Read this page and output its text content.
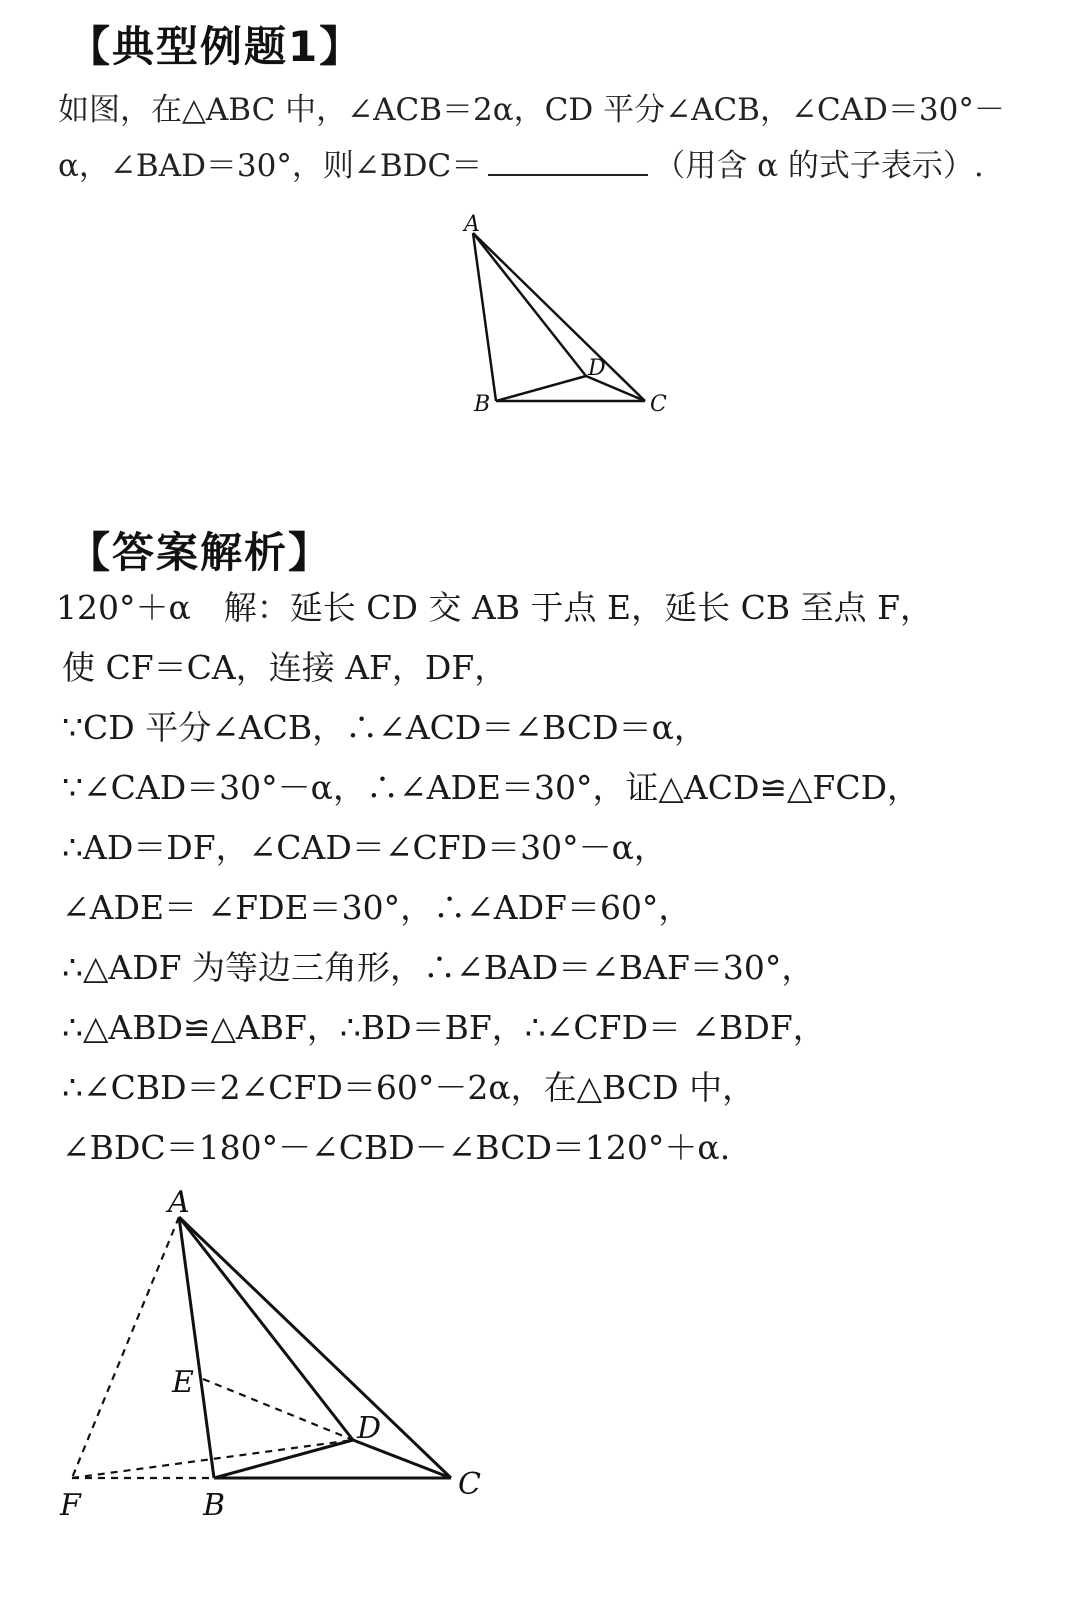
【典型例题1】
如图，在△ABC 中，∠ACB＝2α，CD 平分∠ACB，∠CAD＝30°－
α，∠BAD＝30°，则∠BDC＝	（用含 α 的式子表示）.
A
B	C
D
【答案解析】
120°＋α　解：延长 CD 交 AB 于点 E，延长 CB 至点 F，
使 CF＝CA，连接 AF，DF，
∵CD 平分∠ACB，∴∠ACD＝∠BCD＝α，
∵∠CAD＝30°－α，∴∠ADE＝30°，证△ACD≌△FCD，
∴AD＝DF，∠CAD＝∠CFD＝30°－α，
∠ADE＝ ∠FDE＝30°，∴∠ADF＝60°，
∴△ADF 为等边三角形，∴∠BAD＝∠BAF＝30°，
∴△ABD≌△ABF，∴BD＝BF，∴∠CFD＝ ∠BDF，
∴∠CBD＝2∠CFD＝60°－2α，在△BCD 中，
∠BDC＝180°－∠CBD－∠BCD＝120°＋α.
A
E
D
C
B
F
